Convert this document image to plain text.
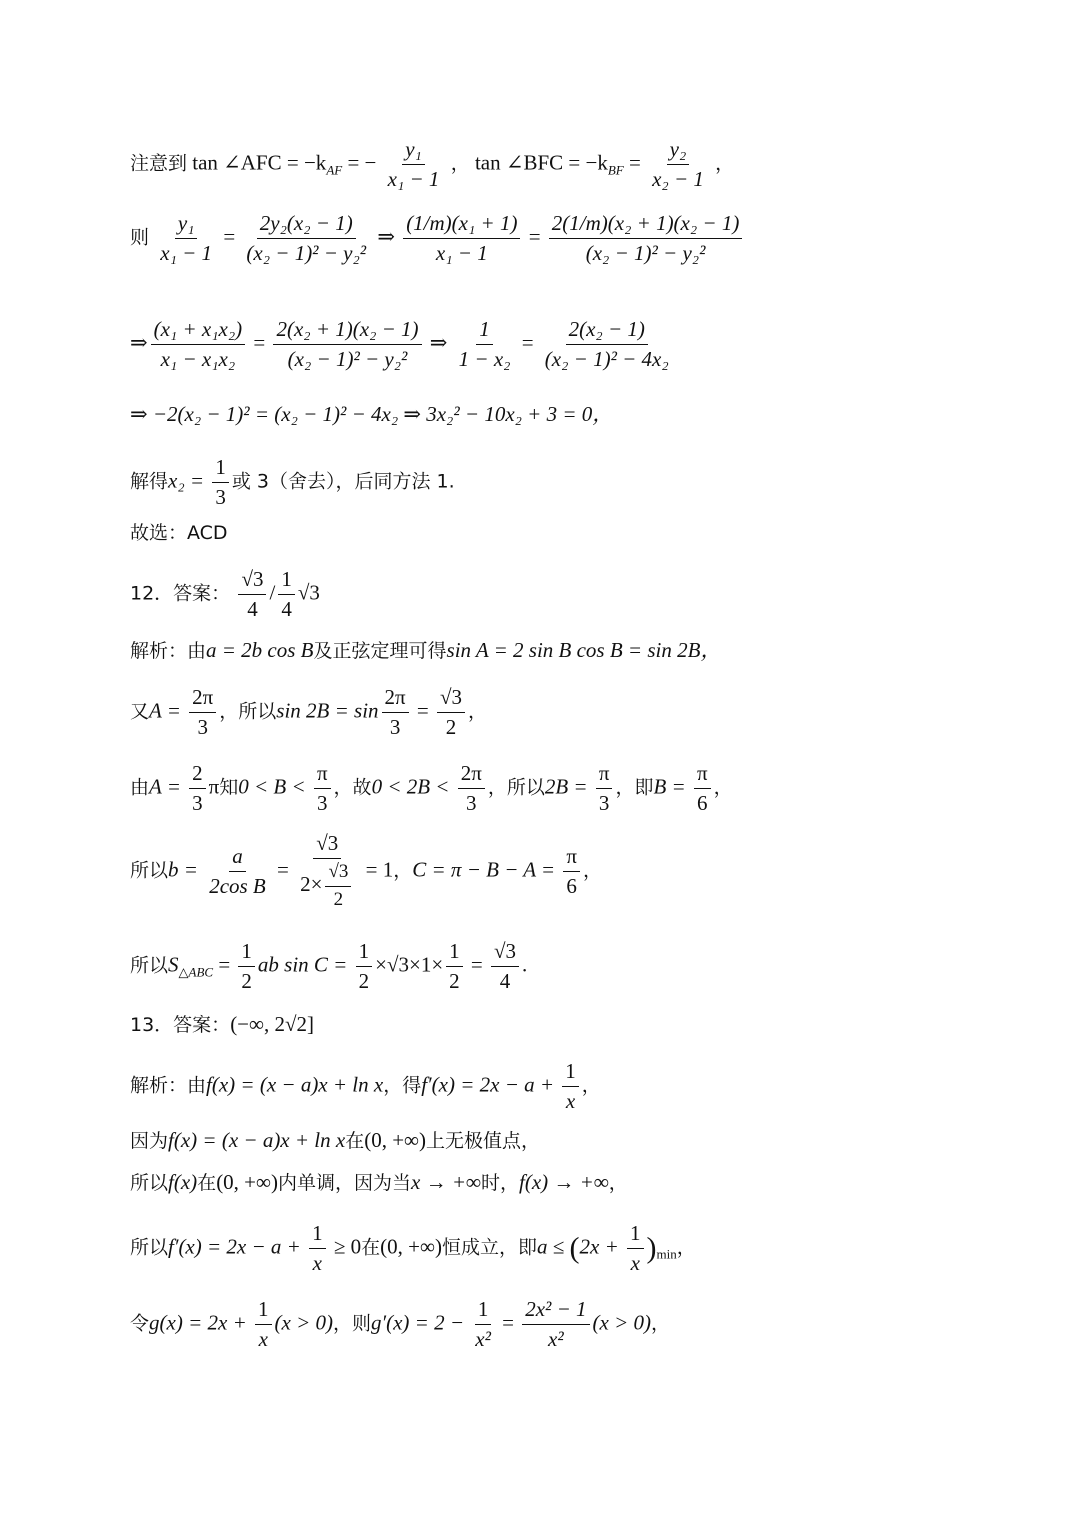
注意到 tan ∠AFC = $-k_{AF}$ = − $\frac{\text{y₁}}{\text{x₁ − 1}}$ ， tan ∠BFC = $-k_{BF} = \frac{\text{y₂}}{\text{x₂ − 1}}$ ，
则 $\frac{\text{y₁}}{\text{x₁ − 1}} = \frac{\text{2y₂(x₂ − 1)}}{\text{(x₂ − 1)² − y₂²}}$ ⇒ $\frac{\text{(1/m)(x₁ + 1)}}{\text{x₁ − 1}} = \frac{\text{2(1/m)(x₂ + 1)(x₂ − 1)}}{\text{(x₂ − 1)² − y₂²}}$
⇒ $\frac{\text{(x₁ + x₁x₂)}}{\text{x₁ − x₁x₂}} = \frac{\text{2(x₂ + 1)(x₂ − 1)}}{\text{(x₂ − 1)² − y₂²}}$ ⇒ $\frac{1}{\text{1 − x₂}} = \frac{\text{2(x₂ − 1)}}{\text{(x₂ − 1)² − 4x₂}}$
⇒ −2(x₂ − 1)² = (x₂ − 1)² − 4x₂ ⇒ 3x₂² − 10x₂ + 3 = 0，
解得$x_2 = \frac{1}{3}$ 或 3（舍去），后同方法 1.
故选：ACD
12．答案： $\frac{√3}{4} / \frac{1}{4} √3$
解析：由a = 2b cos B及正弦定理可得sin A = 2 sin B cos B = sin 2B，
又$A = \frac{2\pi}{3}$ ，所以$\sin 2B = \sin \frac{2\pi}{3} = \frac{√3}{2}$ ，
由$A = \frac{2}{3}$ π知$0 < B < \frac{\pi}{3}$ ，故$0 < 2B < \frac{2\pi}{3}$ ，所以$2B = \frac{\pi}{3}$ ，即$B = \frac{\pi}{6}$ ，
所以$b = \frac{a}{\text{2cos B}} = \frac{√3}{2\times \frac{√3}{2}} = 1$，$C = \pi - B - A = \frac{\pi}{6}$ ，
所以$S_{\triangle ABC} = \frac{1}{2}$ ab $\sin C = \frac{1}{2} \times√3\times 1\times \frac{1}{2} = \frac{√3}{4}$ .
13．答案：(−∞, 2√2]
解析：由f(x) = (x − a)x + ln x，得$f'(x) = 2x - a + \frac{1}{x}$ ，
因为f(x) = (x − a)x + ln x在(0, +∞)上无极值点，
所以f(x)在(0, +∞)内单调，因为当x → +∞时，f(x) → +∞，
所以$f'(x) = 2x - a + \frac{1}{x} \ge 0$在(0, +∞)恒成立，即$a \le (2x + \frac{1}{x} )_{min}$，
令$g(x) = 2x + \frac{1}{x} (x > 0)$，则$g'(x) = 2 - \frac{1}{\text{x²}} = \frac{\text{2x² − 1}}{\text{x²}} (x > 0)$，
